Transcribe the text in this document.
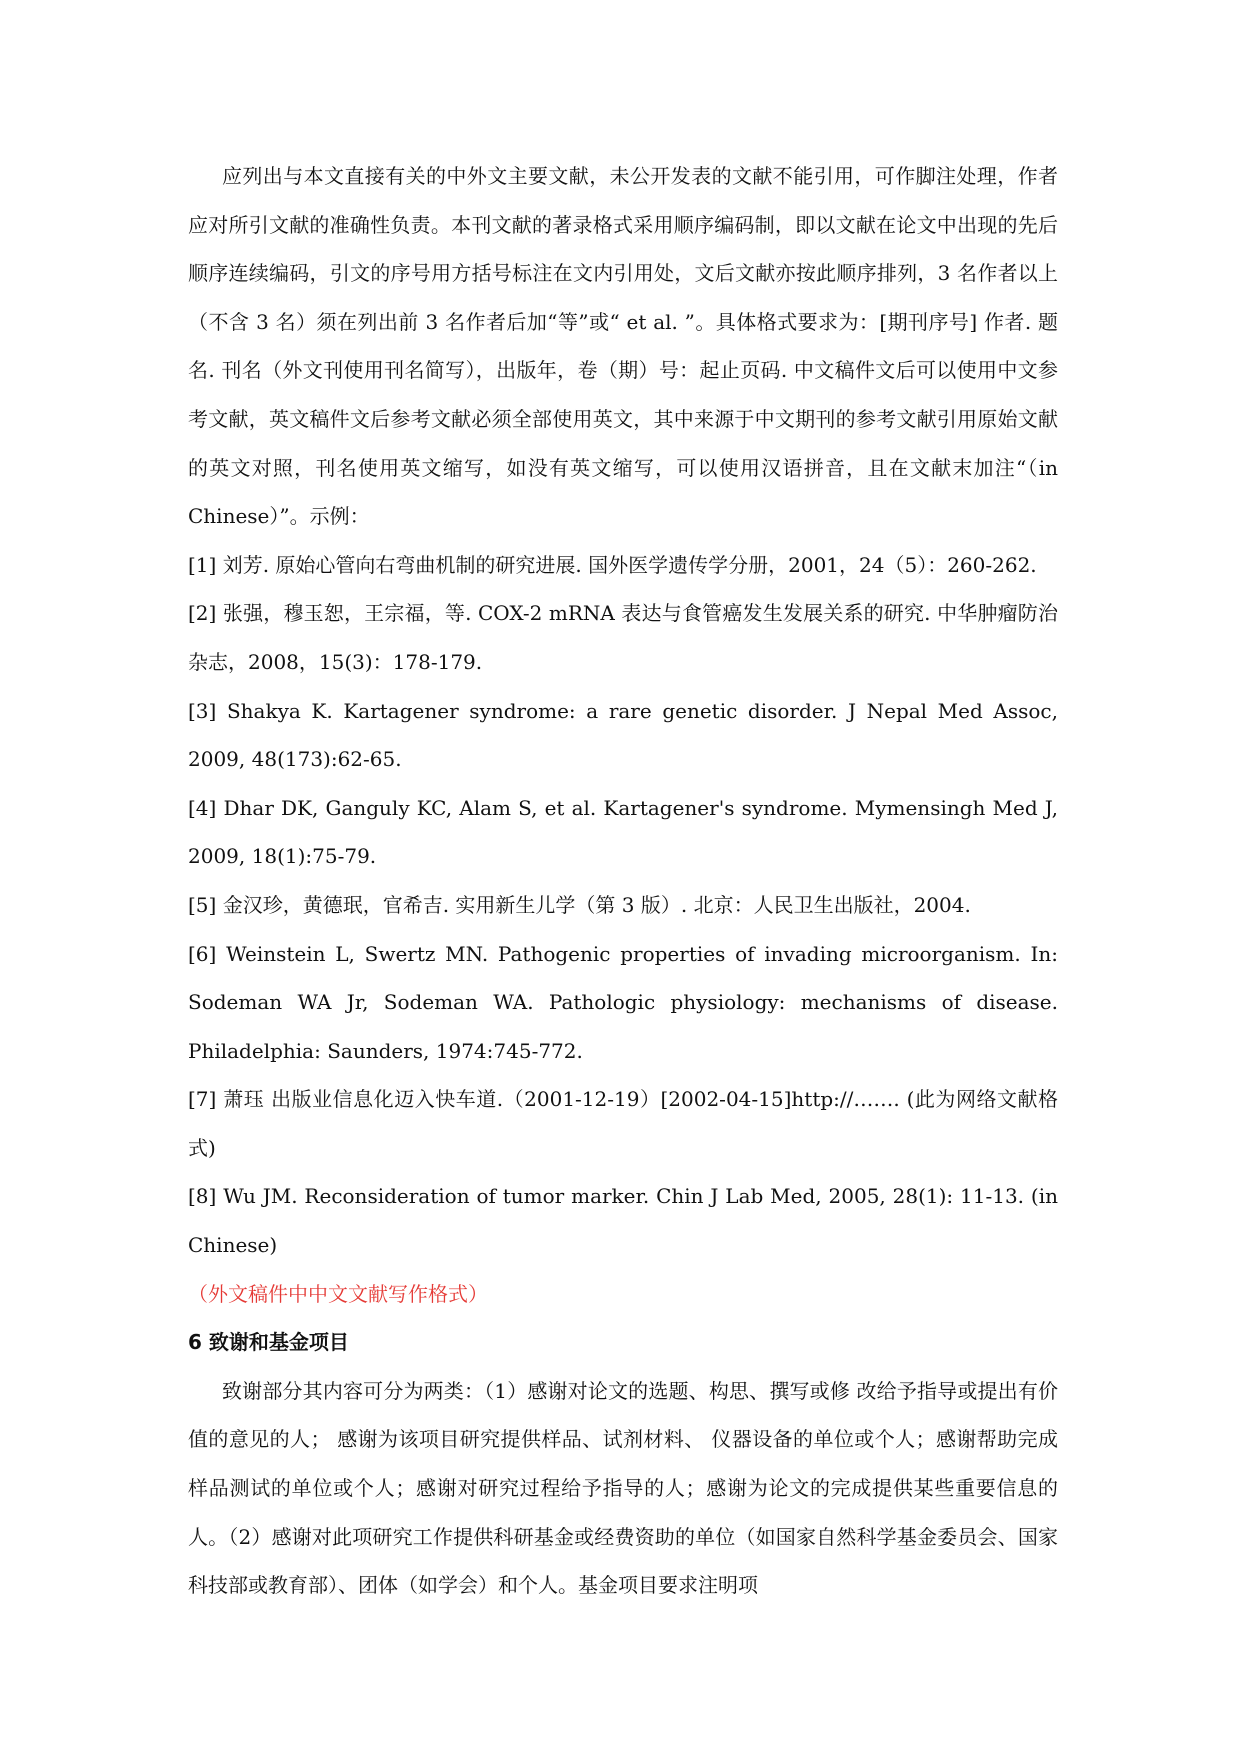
应列出与本文直接有关的中外文主要文献，未公开发表的文献不能引用，可作脚注处理，作者应对所引文献的准确性负责。本刊文献的著录格式采用顺序编码制，即以文献在论文中出现的先后顺序连续编码，引文的序号用方括号标注在文内引用处，文后文献亦按此顺序排列，3 名作者以上（不含 3 名）须在列出前 3 名作者后加“等”或“ et al. ”。具体格式要求为：[期刊序号] 作者. 题名. 刊名（外文刊使用刊名简写），出版年，卷（期）号：起止页码. 中文稿件文后可以使用中文参考文献，英文稿件文后参考文献必须全部使用英文，其中来源于中文期刊的参考文献引用原始文献的英文对照，刊名使用英文缩写，如没有英文缩写，可以使用汉语拼音，且在文献末加注“（in Chinese）”。示例：

[1] 刘芳. 原始心管向右弯曲机制的研究进展. 国外医学遗传学分册，2001，24（5）：260-262.

[2] 张强，穆玉恕，王宗福，等. COX-2 mRNA 表达与食管癌发生发展关系的研究. 中华肿瘤防治杂志，2008，15(3)：178-179.

[3] Shakya K. Kartagener syndrome: a rare genetic disorder. J Nepal Med Assoc, 2009, 48(173):62-65.

[4] Dhar DK, Ganguly KC, Alam S, et al. Kartagener's syndrome. Mymensingh Med J, 2009, 18(1):75-79.

[5] 金汉珍，黄德珉，官希吉. 实用新生儿学（第 3 版）. 北京：人民卫生出版社，2004.

[6] Weinstein L, Swertz MN. Pathogenic properties of invading microorganism. In: Sodeman WA Jr, Sodeman WA. Pathologic physiology: mechanisms of disease. Philadelphia: Saunders, 1974:745-772.

[7] 萧珏 出版业信息化迈入快车道.（2001-12-19）[2002-04-15]http://……. (此为网络文献格式)

[8] Wu JM. Reconsideration of tumor marker. Chin J Lab Med, 2005, 28(1): 11-13. (in Chinese)

（外文稿件中中文文献写作格式）

6 致谢和基金项目

致谢部分其内容可分为两类：（1）感谢对论文的选题、构思、撰写或修 改给予指导或提出有价值的意见的人； 感谢为该项目研究提供样品、试剂材料、 仪器设备的单位或个人；感谢帮助完成样品测试的单位或个人；感谢对研究过程给予指导的人；感谢为论文的完成提供某些重要信息的人。（2）感谢对此项研究工作提供科研基金或经费资助的单位（如国家自然科学基金委员会、国家科技部或教育部）、团体（如学会）和个人。基金项目要求注明项
